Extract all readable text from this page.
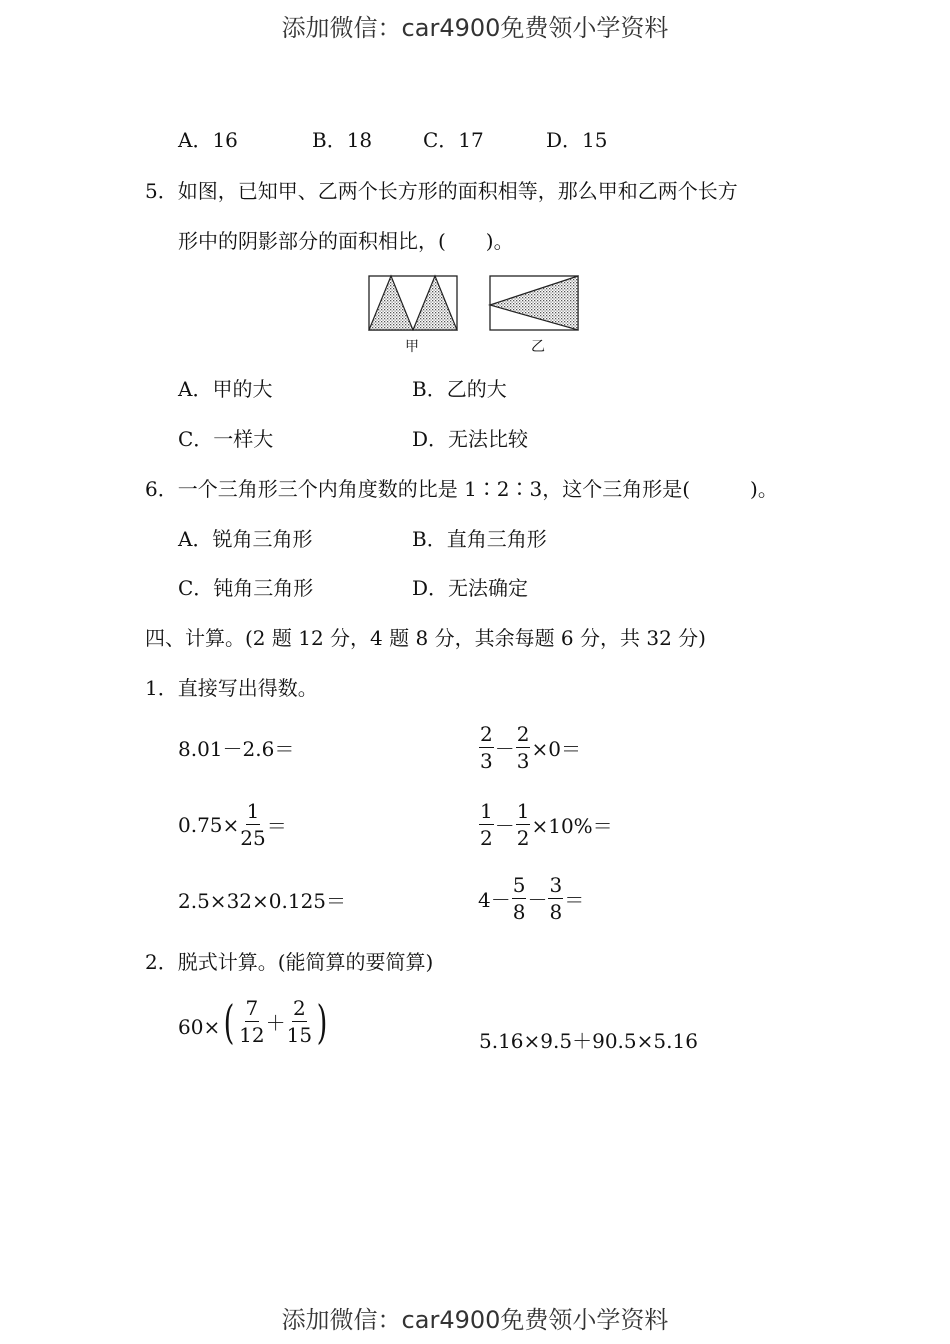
添加微信：car4900免费领小学资料
A．16	B．18	C．17	D．15
5．如图，已知甲、乙两个长方形的面积相等，那么甲和乙两个长方
形中的阴影部分的面积相比，(　　)。
甲	乙
A．甲的大	B．乙的大
C．一样大	D．无法比较
6．一个三角形三个内角度数的比是 1∶2∶3，这个三角形是(　　　)。
A．锐角三角形	B．直角三角形
C．钝角三角形	D．无法确定
四、计算。(2 题 12 分，4 题 8 分，其余每题 6 分，共 32 分)
1．直接写出得数。
8.01－2.6＝	$\frac{2}{3} - \frac{2}{3} \times 0=$
$0.75\times \frac{1}{25}$ ＝	$\frac{1}{2} - \frac{1}{2} \times 10\%=$
2.5×32×0.125＝	$4- \frac{5}{8} - \frac{3}{8}$ ＝
2．脱式计算。(能简算的要简算)
60× ( $\frac{7}{12} + \frac{2}{15}$ )	5.16×9.5＋90.5×5.16
添加微信：car4900免费领小学资料
